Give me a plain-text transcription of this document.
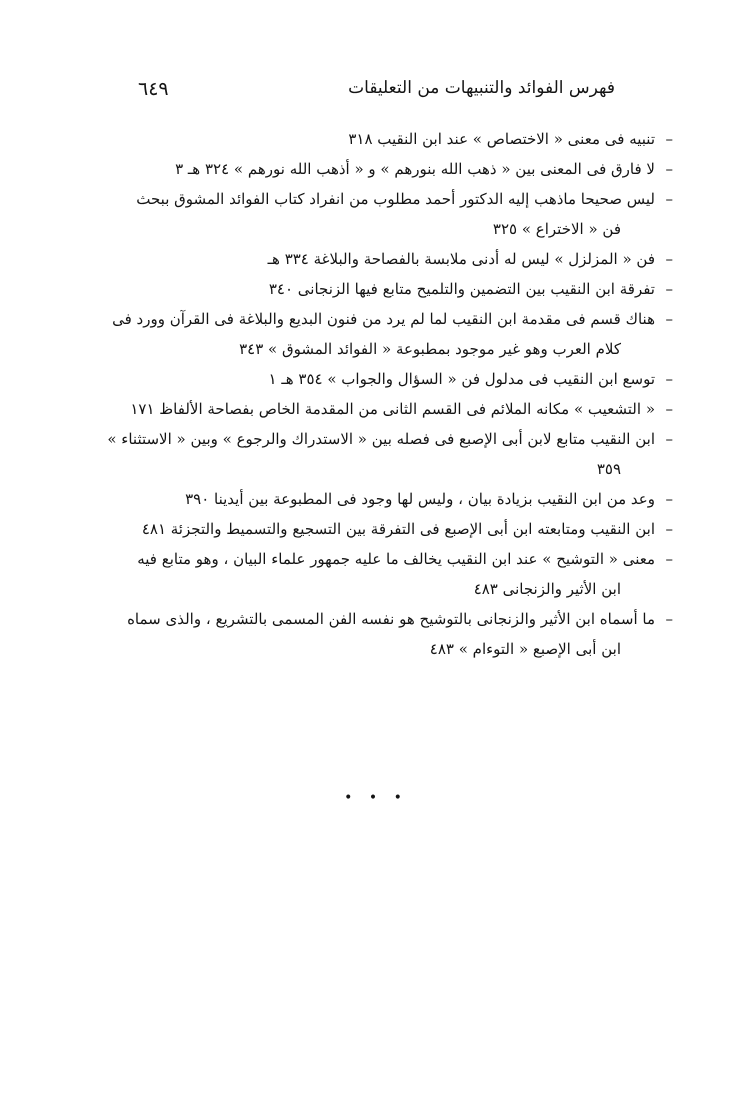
٦٤٩	فهرس الفوائد والتنبيهات من التعليقات
–
تنبيه فى معنى « الاختصاص » عند ابن النقيب ٣١٨
–
لا فارق فى المعنى بين « ذهب الله بنورهم » و « أذهب الله نورهم » ٣٢٤ هـ ٣
–
ليس صحيحا ماذهب إليه الدكتور أحمد مطلوب من انفراد كتاب الفوائد المشوق ببحث
فن « الاختراع » ٣٢٥
–
فن « المزلزل » ليس له أدنى ملابسة بالفصاحة والبلاغة ٣٣٤ هـ
–
تفرقة ابن النقيب بين التضمين والتلميح متابع فيها الزنجانى ٣٤٠
–
هناك قسم فى مقدمة ابن النقيب لما لم يرد من فنون البديع والبلاغة فى القرآن وورد فى
كلام العرب وهو غير موجود بمطبوعة « الفوائد المشوق » ٣٤٣
–
توسع ابن النقيب فى مدلول فن « السؤال والجواب » ٣٥٤ هـ ١
–
« التشعيب » مكانه الملائم فى القسم الثانى من المقدمة الخاص بفصاحة الألفاظ ١٧١
–
ابن النقيب متابع لابن أبى الإصبع فى فصله بين « الاستدراك والرجوع » وبين « الاستثناء »
٣٥٩
–
وعد من ابن النقيب بزيادة بيان ، وليس لها وجود فى المطبوعة بين أيدينا ٣٩٠
–
ابن النقيب ومتابعته ابن أبى الإصبع فى التفرقة بين التسجيع والتسميط والتجزئة ٤٨١
–
معنى « التوشيح » عند ابن النقيب يخالف ما عليه جمهور علماء البيان ، وهو متابع فيه
ابن الأثير والزنجانى ٤٨٣
–
ما أسماه ابن الأثير والزنجانى بالتوشيح هو نفسه الفن المسمى بالتشريع ، والذى سماه
ابن أبى الإصبع « التوءام » ٤٨٣
• • •
